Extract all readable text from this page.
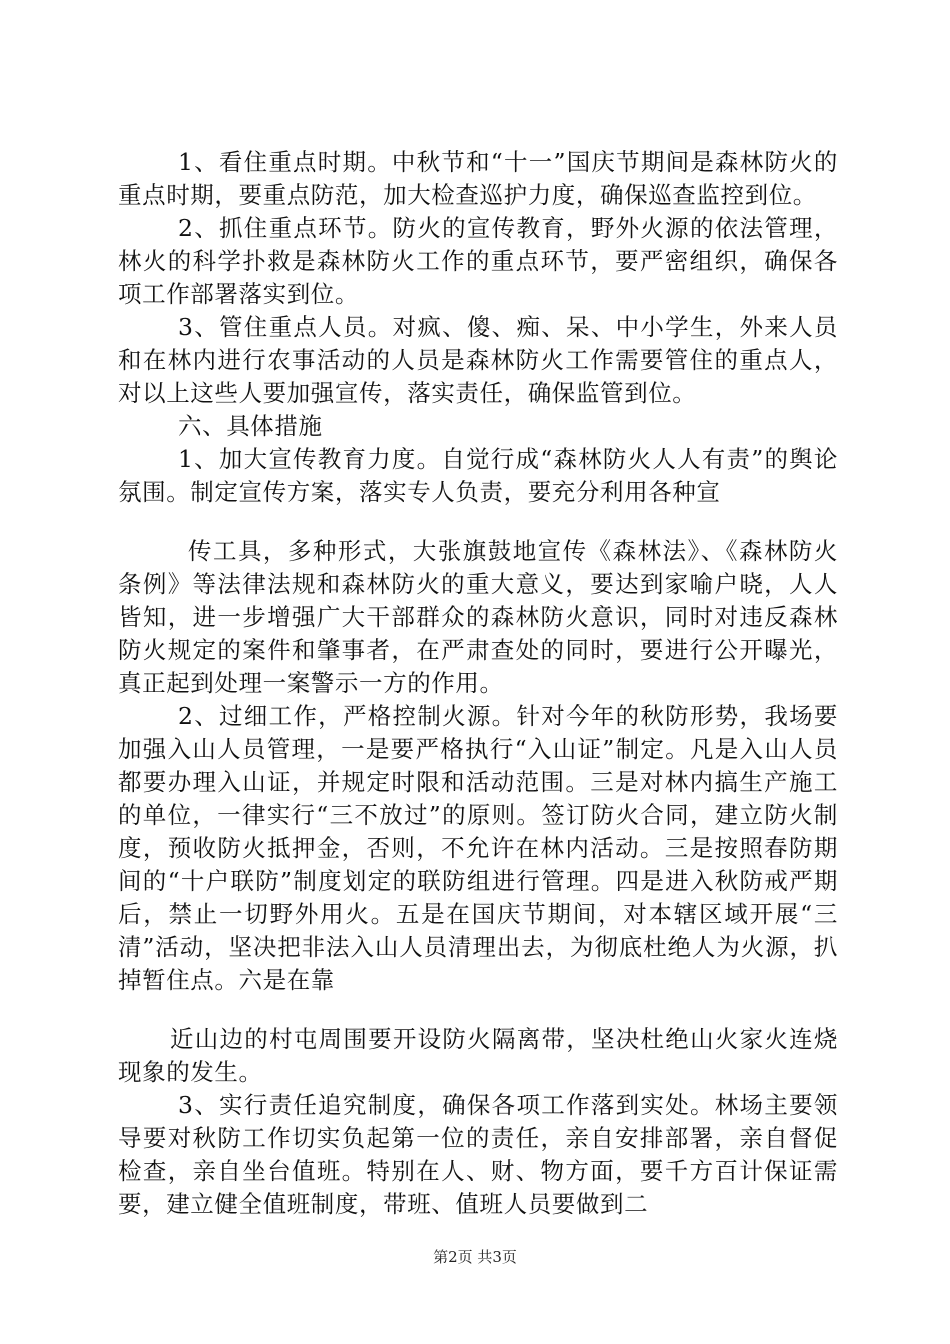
1、看住重点时期。中秋节和“十一”国庆节期间是森林防火的重点时期，要重点防范，加大检查巡护力度，确保巡查监控到位。

2、抓住重点环节。防火的宣传教育，野外火源的依法管理，林火的科学扑救是森林防火工作的重点环节，要严密组织，确保各项工作部署落实到位。

3、管住重点人员。对疯、傻、痴、呆、中小学生，外来人员和在林内进行农事活动的人员是森林防火工作需要管住的重点人，对以上这些人要加强宣传，落实责任，确保监管到位。

六、具体措施

1、加大宣传教育力度。自觉行成“森林防火人人有责”的舆论氛围。制定宣传方案，落实专人负责，要充分利用各种宣

传工具，多种形式，大张旗鼓地宣传《森林法》、《森林防火条例》等法律法规和森林防火的重大意义，要达到家喻户晓，人人皆知，进一步增强广大干部群众的森林防火意识，同时对违反森林防火规定的案件和肇事者，在严肃查处的同时，要进行公开曝光，真正起到处理一案警示一方的作用。

2、过细工作，严格控制火源。针对今年的秋防形势，我场要加强入山人员管理，一是要严格执行“入山证”制定。凡是入山人员都要办理入山证，并规定时限和活动范围。三是对林内搞生产施工的单位，一律实行“三不放过”的原则。签订防火合同，建立防火制度，预收防火抵押金，否则，不允许在林内活动。三是按照春防期间的“十户联防”制度划定的联防组进行管理。四是进入秋防戒严期后，禁止一切野外用火。五是在国庆节期间，对本辖区域开展“三清”活动，坚决把非法入山人员清理出去，为彻底杜绝人为火源，扒掉暂住点。六是在靠

近山边的村屯周围要开设防火隔离带，坚决杜绝山火家火连烧现象的发生。

3、实行责任追究制度，确保各项工作落到实处。林场主要领导要对秋防工作切实负起第一位的责任，亲自安排部署，亲自督促检查，亲自坐台值班。特别在人、财、物方面，要千方百计保证需要，建立健全值班制度，带班、值班人员要做到二

第2页 共3页
